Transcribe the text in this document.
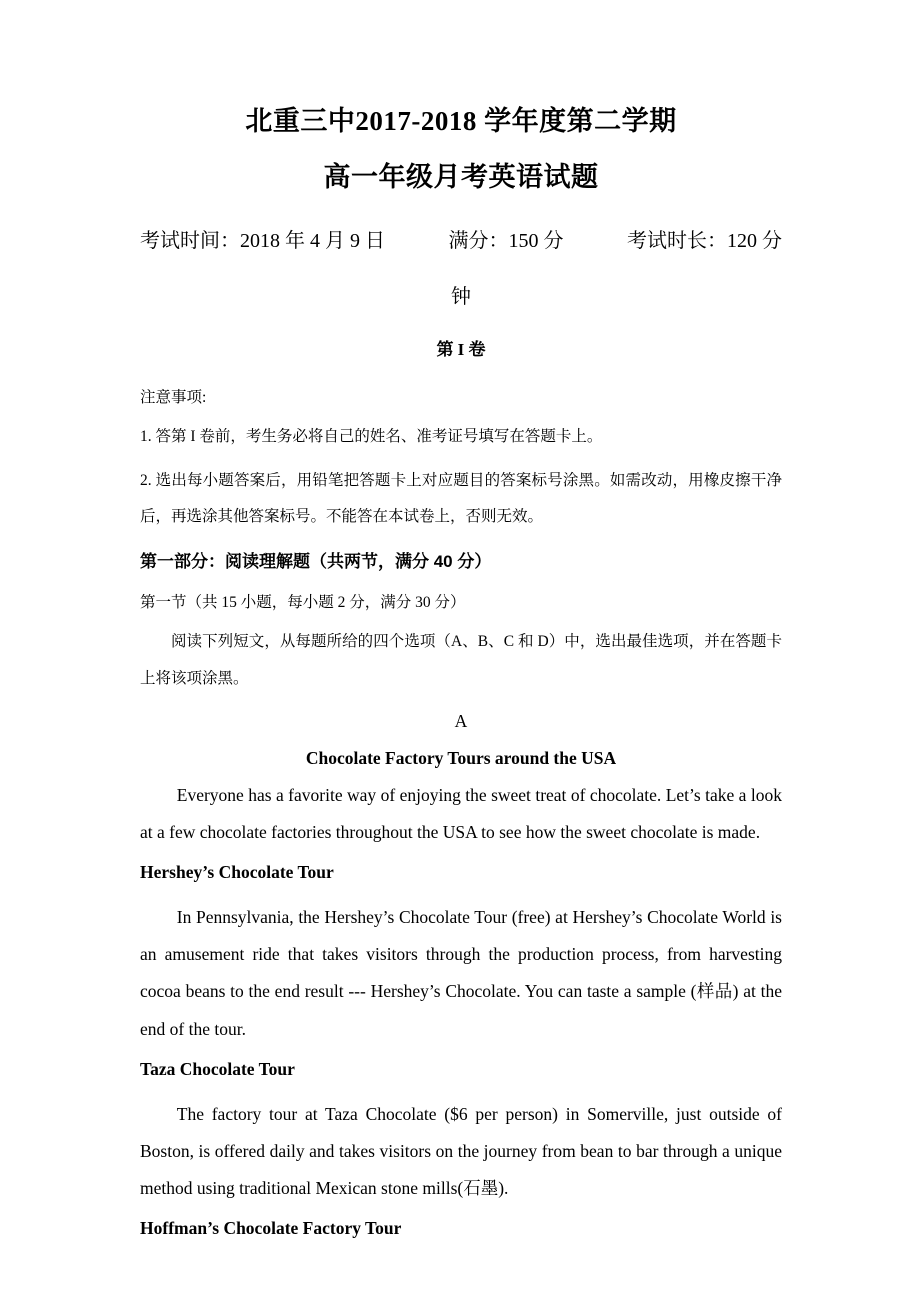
北重三中2017-2018 学年度第二学期
高一年级月考英语试题
考试时间：2018 年 4 月 9 日	满分：150 分	考试时长：120 分
钟
第 I 卷
注意事项:
1. 答第 I 卷前，考生务必将自己的姓名、准考证号填写在答题卡上。
2. 选出每小题答案后，用铅笔把答题卡上对应题目的答案标号涂黑。如需改动，用橡皮擦干净后，再选涂其他答案标号。不能答在本试卷上，否则无效。
第一部分：阅读理解题（共两节，满分 40 分）
第一节（共 15 小题，每小题 2 分，满分 30 分）
阅读下列短文，从每题所给的四个选项（A、B、C 和 D）中，选出最佳选项，并在答题卡上将该项涂黑。
A
Chocolate Factory Tours around the USA
Everyone has a favorite way of enjoying the sweet treat of chocolate. Let’s take a look at a few chocolate factories throughout the USA to see how the sweet chocolate is made.
Hershey’s Chocolate Tour
In Pennsylvania, the Hershey’s Chocolate Tour (free) at Hershey’s Chocolate World is an amusement ride that takes visitors through the production process, from harvesting cocoa beans to the end result --- Hershey’s Chocolate. You can taste a sample (样品) at the end of the tour.
Taza Chocolate Tour
The factory tour at Taza Chocolate ($6 per person) in Somerville, just outside of Boston, is offered daily and takes visitors on the journey from bean to bar through a unique method using traditional Mexican stone mills(石墨).
Hoffman’s Chocolate Factory Tour
